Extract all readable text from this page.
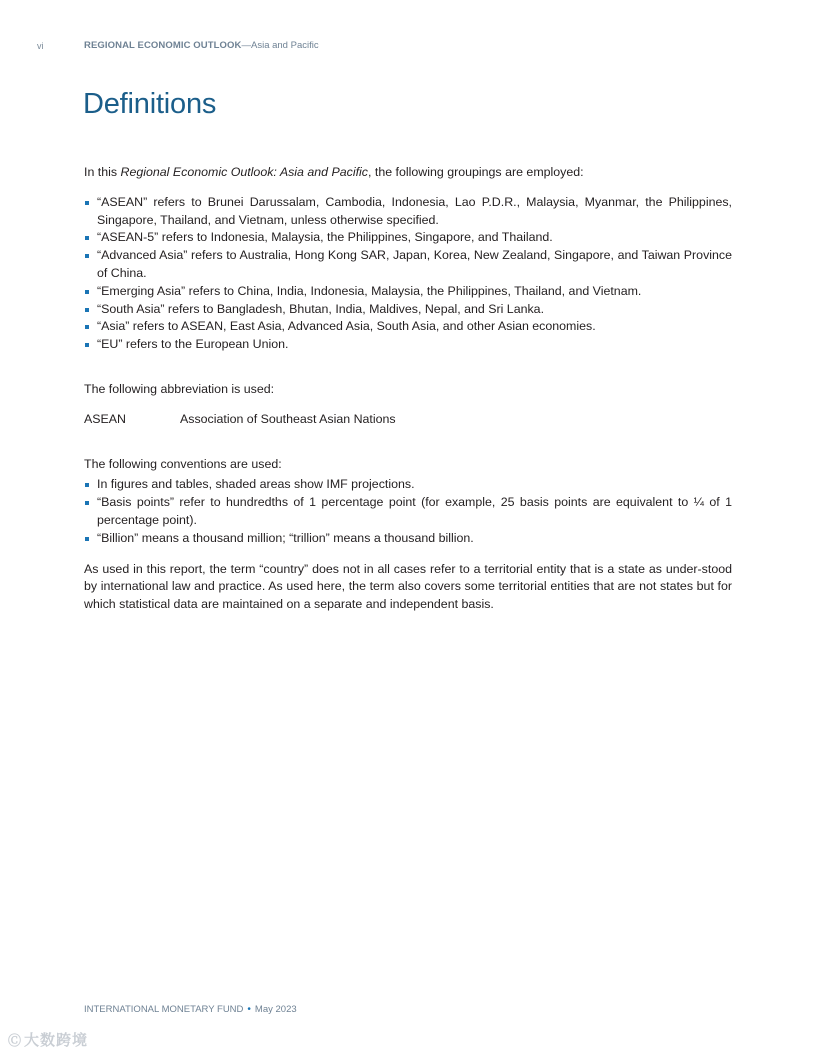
vi	REGIONAL ECONOMIC OUTLOOK—Asia and Pacific
Definitions

In this Regional Economic Outlook: Asia and Pacific, the following groupings are employed:

“ASEAN” refers to Brunei Darussalam, Cambodia, Indonesia, Lao P.D.R., Malaysia, Myanmar, the Philippines, Singapore, Thailand, and Vietnam, unless otherwise specified.
“ASEAN-5” refers to Indonesia, Malaysia, the Philippines, Singapore, and Thailand.
“Advanced Asia” refers to Australia, Hong Kong SAR, Japan, Korea, New Zealand, Singapore, and Taiwan Province of China.
“Emerging Asia” refers to China, India, Indonesia, Malaysia, the Philippines, Thailand, and Vietnam.
“South Asia” refers to Bangladesh, Bhutan, India, Maldives, Nepal, and Sri Lanka.
“Asia” refers to ASEAN, East Asia, Advanced Asia, South Asia, and other Asian economies.
“EU” refers to the European Union.

The following abbreviation is used:

ASEAN	Association of Southeast Asian Nations

The following conventions are used:

In figures and tables, shaded areas show IMF projections.
“Basis points” refer to hundredths of 1 percentage point (for example, 25 basis points are equivalent to ¼ of 1 percentage point).
“Billion” means a thousand million; “trillion” means a thousand billion.

As used in this report, the term “country” does not in all cases refer to a territorial entity that is a state as under-stood by international law and practice. As used here, the term also covers some territorial entities that are not states but for which statistical data are maintained on a separate and independent basis.

INTERNATIONAL MONETARY FUND • May 2023
Ⓒ 大数跨境
